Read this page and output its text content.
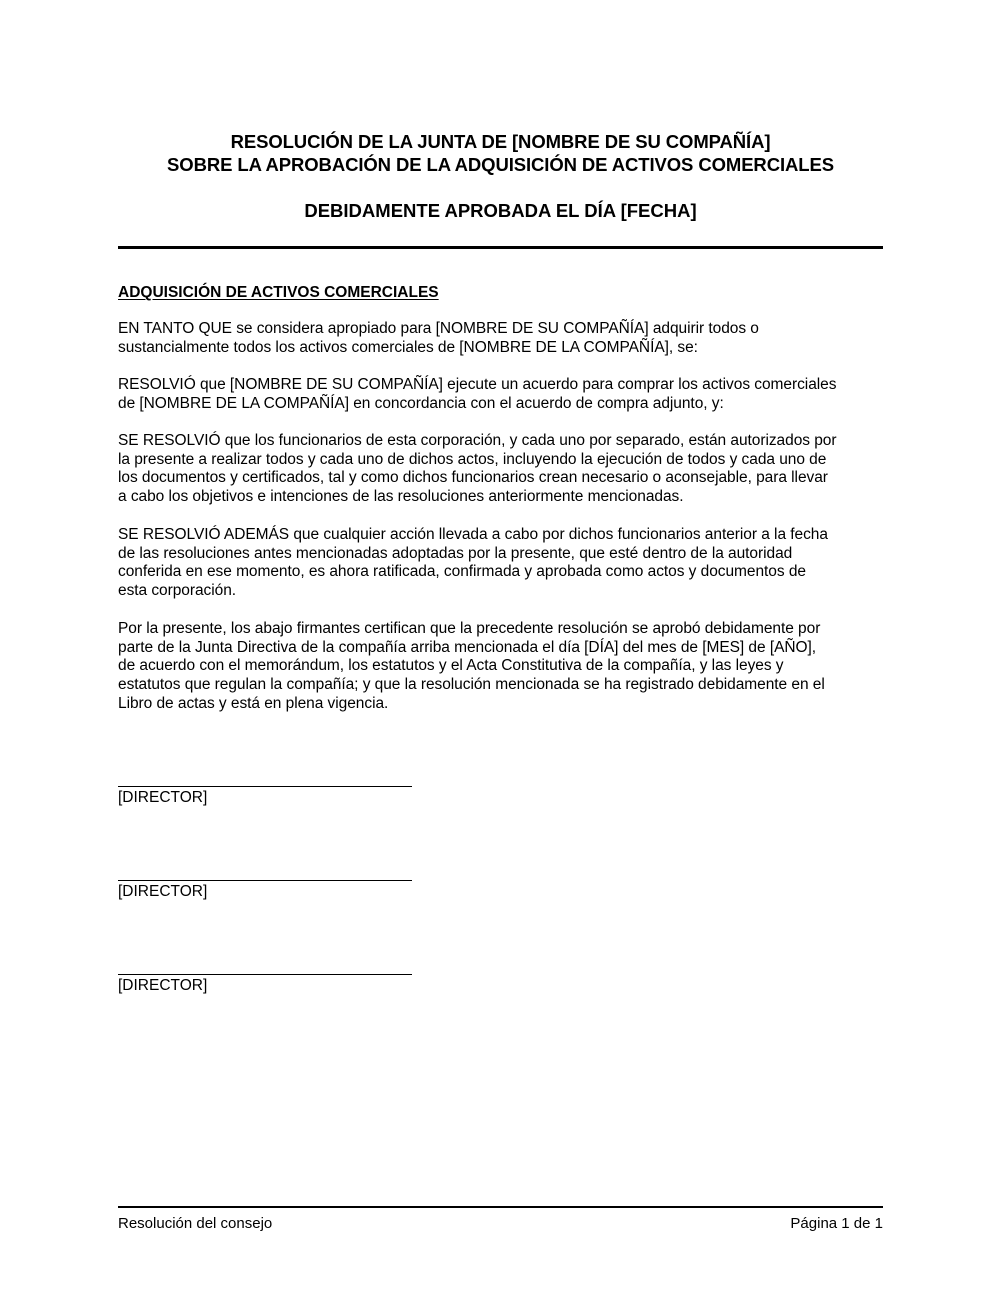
RESOLUCIÓN DE LA JUNTA DE [NOMBRE DE SU COMPAÑÍA]
SOBRE LA APROBACIÓN DE LA ADQUISICIÓN DE ACTIVOS COMERCIALES
DEBIDAMENTE APROBADA EL DÍA [FECHA]
ADQUISICIÓN DE ACTIVOS COMERCIALES
EN TANTO QUE se considera apropiado para [NOMBRE DE SU COMPAÑÍA] adquirir todos o
sustancialmente todos los activos comerciales de [NOMBRE DE LA COMPAÑÍA], se:
RESOLVIÓ que [NOMBRE DE SU COMPAÑÍA] ejecute un acuerdo para comprar los activos comerciales
de [NOMBRE DE LA COMPAÑÍA] en concordancia con el acuerdo de compra adjunto, y:
SE RESOLVIÓ que los funcionarios de esta corporación, y cada uno por separado, están autorizados por
la presente a realizar todos y cada uno de dichos actos, incluyendo la ejecución de todos y cada uno de
los documentos y certificados, tal y como dichos funcionarios crean necesario o aconsejable, para llevar
a cabo los objetivos e intenciones de las resoluciones anteriormente mencionadas.
SE RESOLVIÓ ADEMÁS que cualquier acción llevada a cabo por dichos funcionarios anterior a la fecha
de las resoluciones antes mencionadas adoptadas por la presente, que esté dentro de la autoridad
conferida en ese momento, es ahora ratificada, confirmada y aprobada como actos y documentos de
esta corporación.
Por la presente, los abajo firmantes certifican que la precedente resolución se aprobó debidamente por
parte de la Junta Directiva de la compañía arriba mencionada el día [DÍA] del mes de [MES] de [AÑO],
de acuerdo con el memorándum, los estatutos y el Acta Constitutiva de la compañía, y las leyes y
estatutos que regulan la compañía; y que la resolución mencionada se ha registrado debidamente en el
Libro de actas y está en plena vigencia.
[DIRECTOR]
[DIRECTOR]
[DIRECTOR]
Resolución del consejo	Página 1 de 1
